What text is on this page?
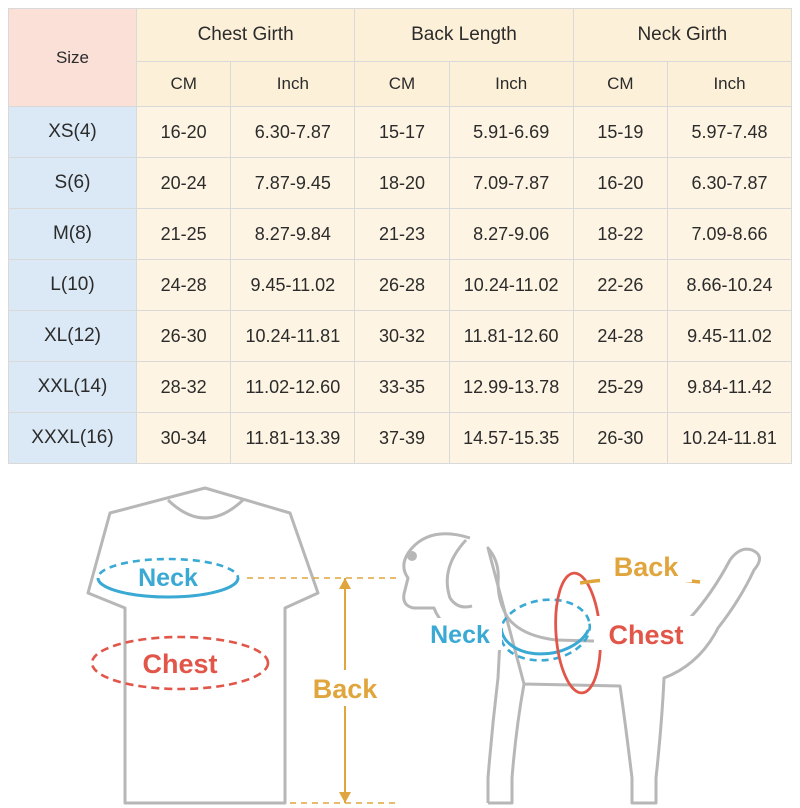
Size	Chest Girth		Back Length		Neck Girth	
	CM	Inch	CM	Inch	CM	Inch
XS(4)	16-20	6.30-7.87	15-17	5.91-6.69	15-19	5.97-7.48
S(6)	20-24	7.87-9.45	18-20	7.09-7.87	16-20	6.30-7.87
M(8)	21-25	8.27-9.84	21-23	8.27-9.06	18-22	7.09-8.66
L(10)	24-28	9.45-11.02	26-28	10.24-11.02	22-26	8.66-10.24
XL(12)	26-30	10.24-11.81	30-32	11.81-12.60	24-28	9.45-11.02
XXL(14)	28-32	11.02-12.60	33-35	12.99-13.78	25-29	9.84-11.42
XXXL(16)	30-34	11.81-13.39	37-39	14.57-15.35	26-30	10.24-11.81
Neck
Chest
Back
Neck	Chest
Back
